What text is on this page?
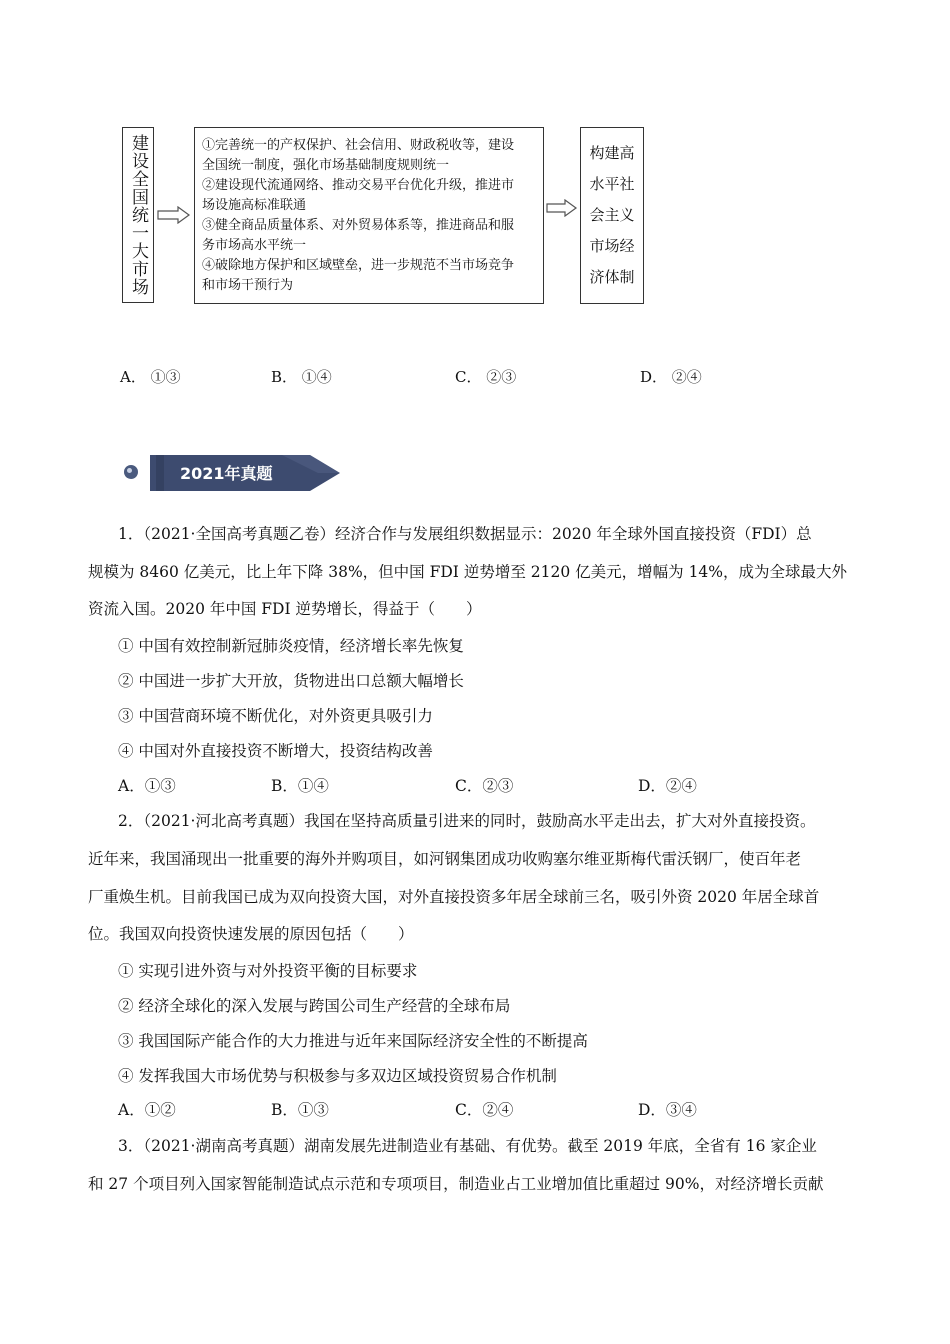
建设全国统一大市场	①完善统一的产权保护、社会信用、财政税收等，建设
全国统一制度，强化市场基础制度规则统一
②建设现代流通网络、推动交易平台优化升级，推进市
场设施高标准联通
③健全商品质量体系、对外贸易体系等，推进商品和服
务市场高水平统一
④破除地方保护和区域壁垒，进一步规范不当市场竞争
和市场干预行为
构建高
水平社
会主义
市场经
济体制
A． ①③	B． ①④	C． ②③	D． ②④
2021年真题
1．（2021·全国高考真题乙卷）经济合作与发展组织数据显示：2020 年全球外国直接投资（FDI）总
规模为 8460 亿美元，比上年下降 38%，但中国 FDI 逆势增至 2120 亿美元，增幅为 14%，成为全球最大外
资流入国。2020 年中国 FDI 逆势增长，得益于（　　）
① 中国有效控制新冠肺炎疫情，经济增长率先恢复
② 中国进一步扩大开放，货物进出口总额大幅增长
③ 中国营商环境不断优化，对外资更具吸引力
④ 中国对外直接投资不断增大，投资结构改善
A．①③	B．①④	C．②③	D．②④
2．（2021·河北高考真题）我国在坚持高质量引进来的同时，鼓励高水平走出去，扩大对外直接投资。
近年来，我国涌现出一批重要的海外并购项目，如河钢集团成功收购塞尔维亚斯梅代雷沃钢厂，使百年老
厂重焕生机。目前我国已成为双向投资大国，对外直接投资多年居全球前三名，吸引外资 2020 年居全球首
位。我国双向投资快速发展的原因包括（　　）
① 实现引进外资与对外投资平衡的目标要求
② 经济全球化的深入发展与跨国公司生产经营的全球布局
③ 我国国际产能合作的大力推进与近年来国际经济安全性的不断提高
④ 发挥我国大市场优势与积极参与多双边区域投资贸易合作机制
A．①②	B．①③	C．②④	D．③④
3．（2021·湖南高考真题）湖南发展先进制造业有基础、有优势。截至 2019 年底，全省有 16 家企业
和 27 个项目列入国家智能制造试点示范和专项项目，制造业占工业增加值比重超过 90%，对经济增长贡献
